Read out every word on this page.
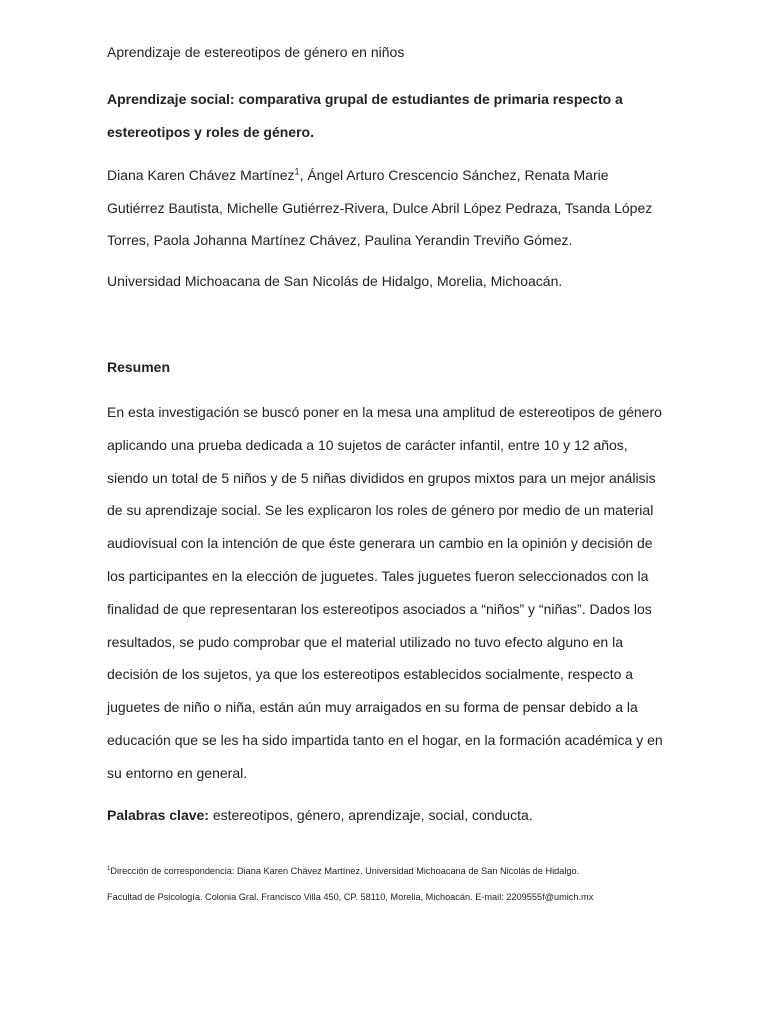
Aprendizaje de estereotipos de género en niños
Aprendizaje social: comparativa grupal de estudiantes de primaria respecto a estereotipos y roles de género.
Diana Karen Chávez Martínez$^1$, Ángel Arturo Crescencio Sánchez, Renata Marie Gutiérrez Bautista, Michelle Gutiérrez-Rivera, Dulce Abril López Pedraza, Tsanda López Torres, Paola Johanna Martínez Chávez, Paulina Yerandin Treviño Gómez.
Universidad Michoacana de San Nicolás de Hidalgo, Morelia, Michoacán.
Resumen
En esta investigación se buscó poner en la mesa una amplitud de estereotipos de género aplicando una prueba dedicada a 10 sujetos de carácter infantil, entre 10 y 12 años, siendo un total de 5 niños y de 5 niñas divididos en grupos mixtos para un mejor análisis de su aprendizaje social. Se les explicaron los roles de género por medio de un material audiovisual con la intención de que éste generara un cambio en la opinión y decisión de los participantes en la elección de juguetes. Tales juguetes fueron seleccionados con la finalidad de que representaran los estereotipos asociados a “niños” y “niñas”. Dados los resultados, se pudo comprobar que el material utilizado no tuvo efecto alguno en la decisión de los sujetos, ya que los estereotipos establecidos socialmente, respecto a juguetes de niño o niña, están aún muy arraigados en su forma de pensar debido a la educación que se les ha sido impartida tanto en el hogar, en la formación académica y en su entorno en general.
Palabras clave: estereotipos, género, aprendizaje, social, conducta.
$^1$Dirección de correspondencia: Diana Karen Chávez Martínez. Universidad Michoacana de San Nicolás de Hidalgo.
Facultad de Psicología. Colonia Gral. Francisco Villa 450, CP. 58110, Morelia, Michoacán. E-mail: 2209555f@umich.mx
